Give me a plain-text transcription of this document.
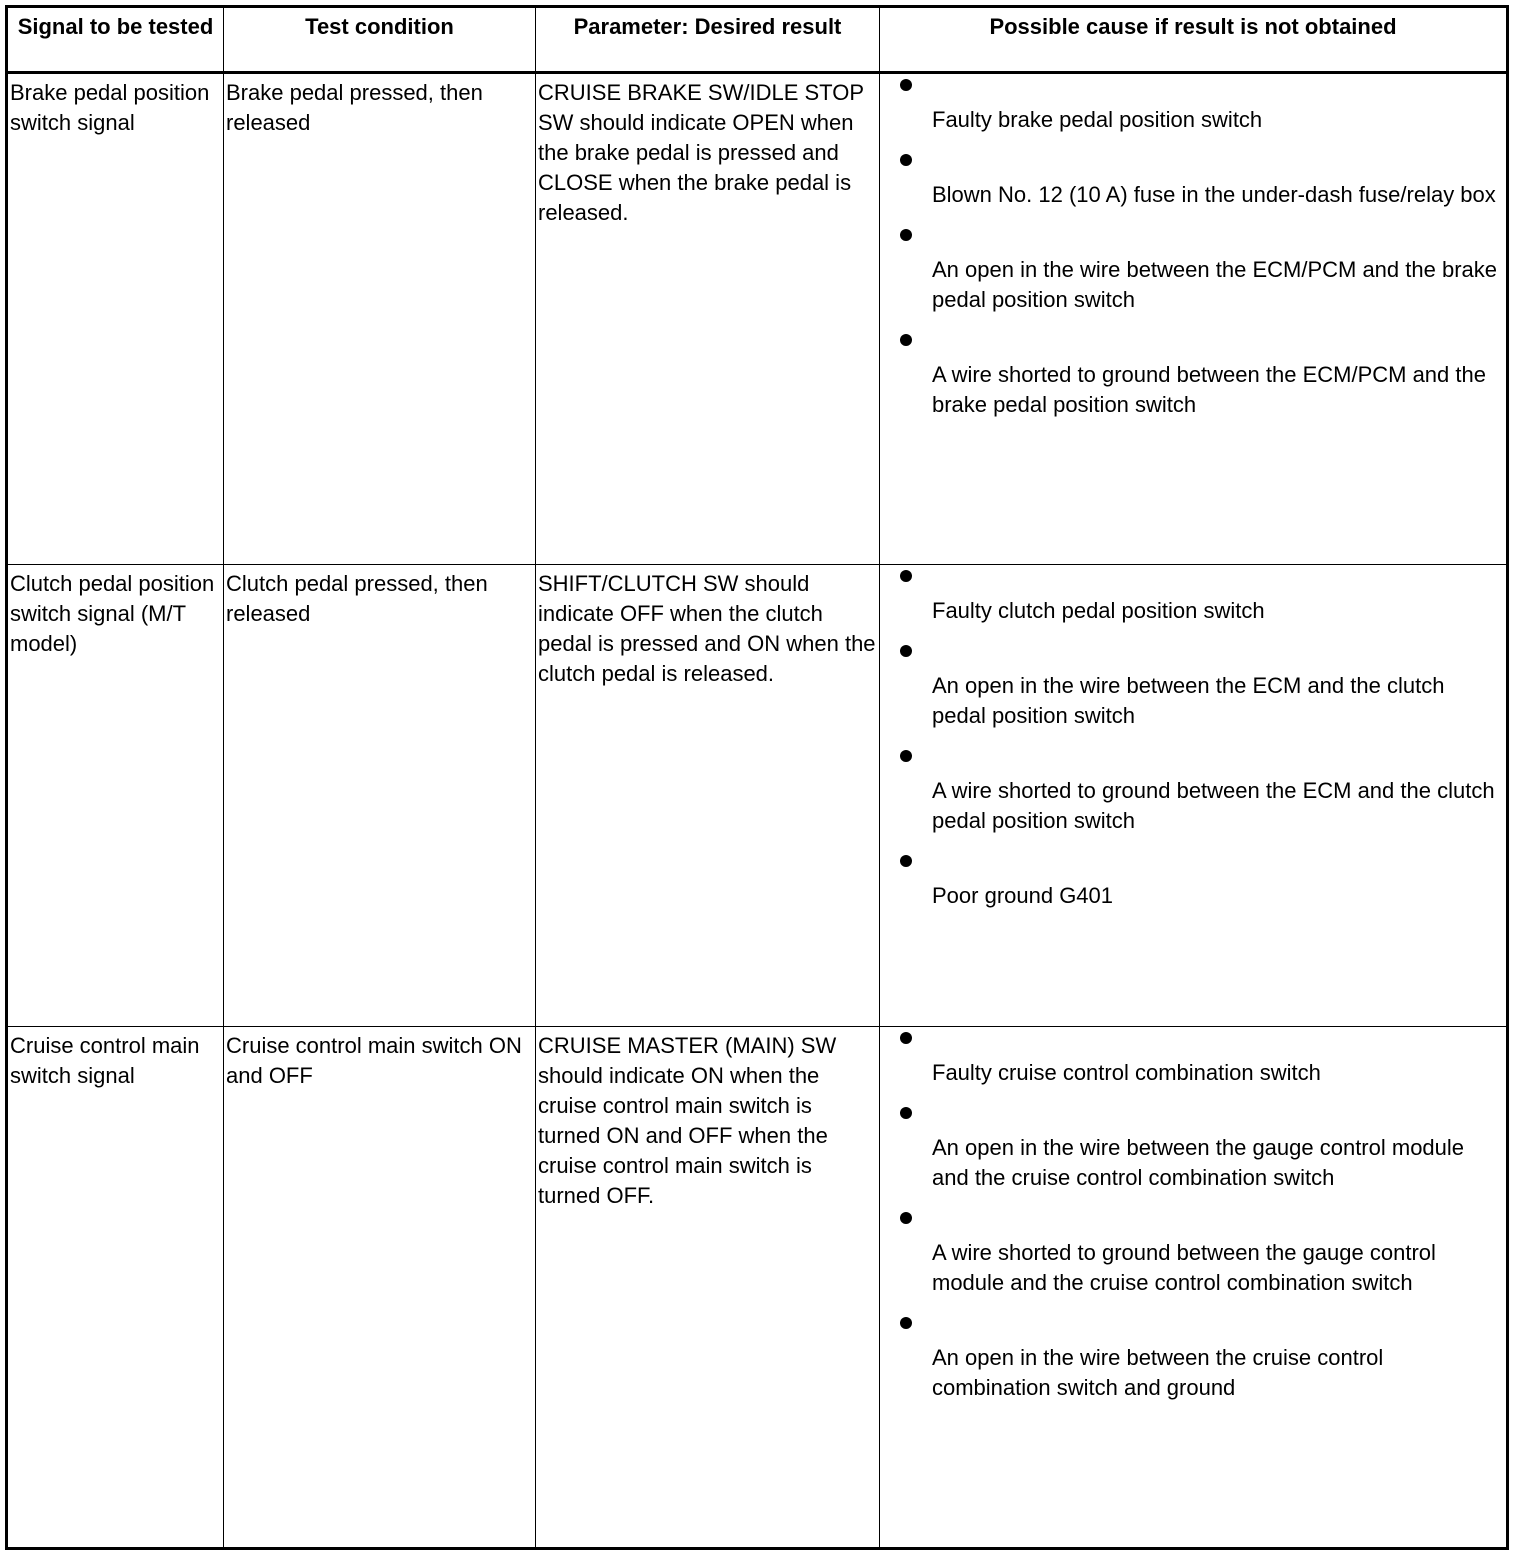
Signal to be tested	Test condition	Parameter: Desired result	Possible cause if result is not obtained
Brake pedal position switch signal	Brake pedal pressed, then released	CRUISE BRAKE SW/IDLE STOP SW should indicate OPEN when the brake pedal is pressed and CLOSE when the brake pedal is released.	Faulty brake pedal position switch
Blown No. 12 (10 A) fuse in the under-dash fuse/relay box
An open in the wire between the ECM/PCM and the brake pedal position switch
A wire shorted to ground between the ECM/PCM and the brake pedal position switch

Clutch pedal position switch signal (M/T model)	Clutch pedal pressed, then released	SHIFT/CLUTCH SW should indicate OFF when the clutch pedal is pressed and ON when the clutch pedal is released.	Faulty clutch pedal position switch
An open in the wire between the ECM and the clutch pedal position switch
A wire shorted to ground between the ECM and the clutch pedal position switch
Poor ground G401

Cruise control main switch signal	Cruise control main switch ON and OFF	CRUISE MASTER (MAIN) SW should indicate ON when the cruise control main switch is turned ON and OFF when the cruise control main switch is turned OFF.	Faulty cruise control combination switch
An open in the wire between the gauge control module and the cruise control combination switch
A wire shorted to ground between the gauge control module and the cruise control combination switch
An open in the wire between the cruise control combination switch and ground
